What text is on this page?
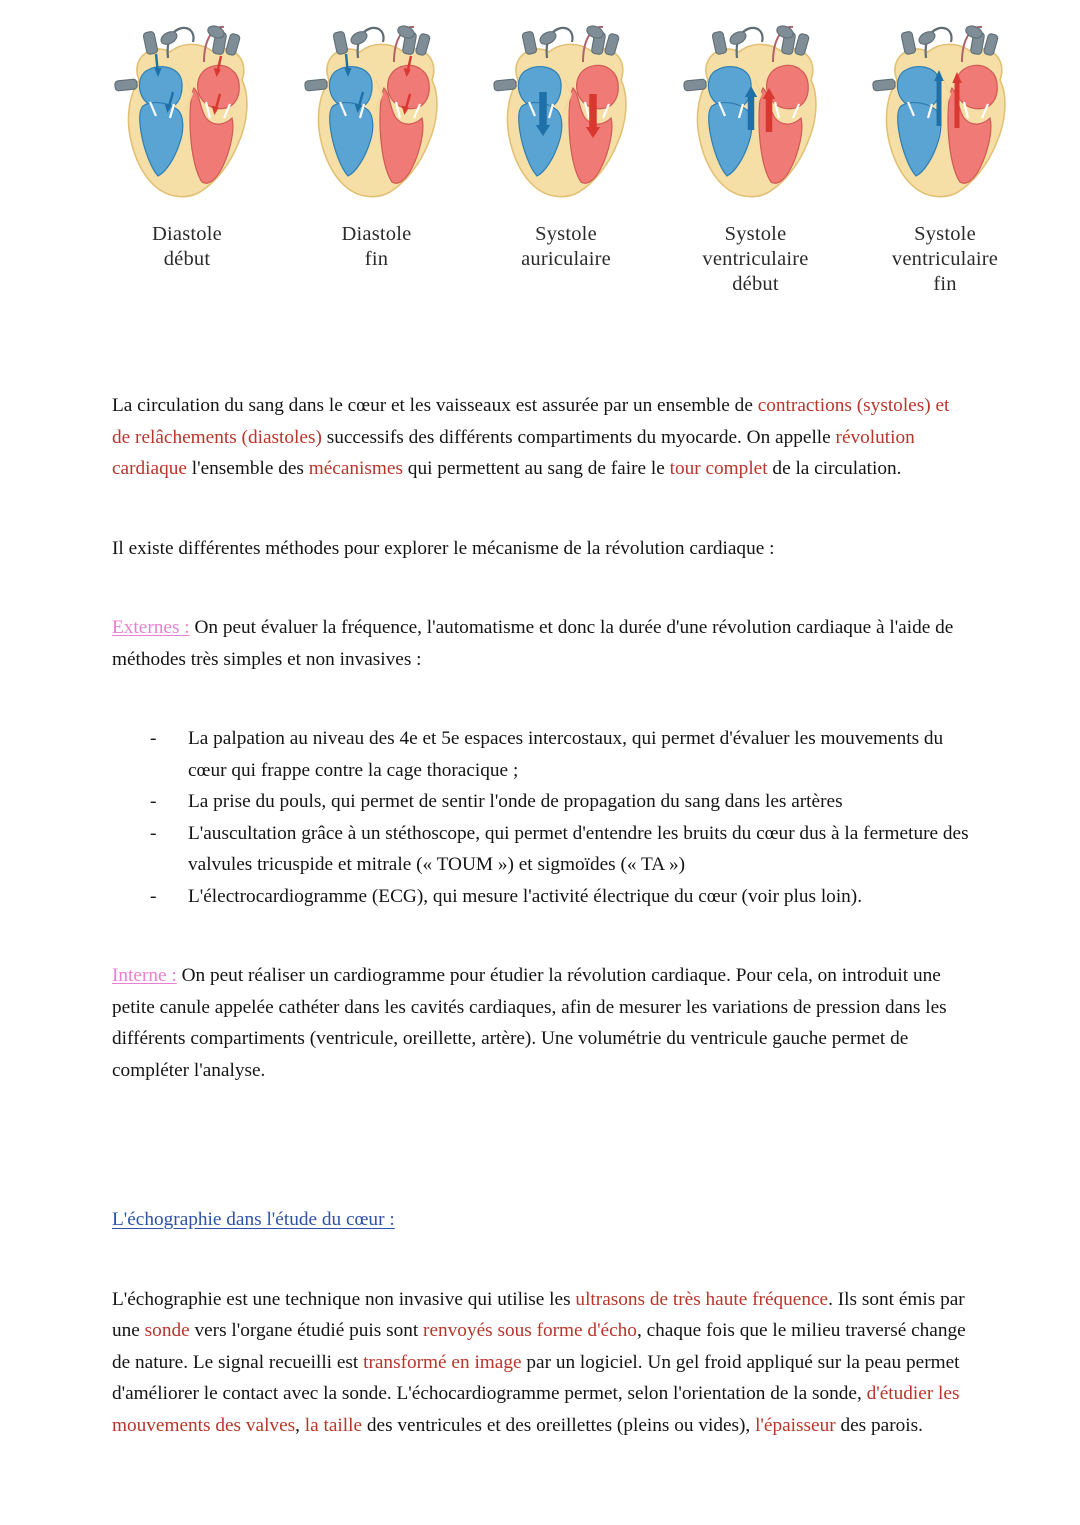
Diastole
début
Diastole
fin
Systole
auriculaire
Systole
ventriculaire
début
Systole
ventriculaire
fin

La circulation du sang dans le cœur et les vaisseaux est assurée par un ensemble de contractions (systoles) et de relâchements (diastoles) successifs des différents compartiments du myocarde. On appelle révolution cardiaque l'ensemble des mécanismes qui permettent au sang de faire le tour complet de la circulation.

Il existe différentes méthodes pour explorer le mécanisme de la révolution cardiaque :

Externes : On peut évaluer la fréquence, l'automatisme et donc la durée d'une révolution cardiaque à l'aide de méthodes très simples et non invasives :

-	La palpation au niveau des 4e et 5e espaces intercostaux, qui permet d'évaluer les mouvements du cœur qui frappe contre la cage thoracique ;
-	La prise du pouls, qui permet de sentir l'onde de propagation du sang dans les artères
-	L'auscultation grâce à un stéthoscope, qui permet d'entendre les bruits du cœur dus à la fermeture des valvules tricuspide et mitrale (« TOUM ») et sigmoïdes (« TA »)
-	L'électrocardiogramme (ECG), qui mesure l'activité électrique du cœur (voir plus loin).

Interne : On peut réaliser un cardiogramme pour étudier la révolution cardiaque. Pour cela, on introduit une petite canule appelée cathéter dans les cavités cardiaques, afin de mesurer les variations de pression dans les différents compartiments (ventricule, oreillette, artère). Une volumétrie du ventricule gauche permet de compléter l'analyse.

L'échographie dans l'étude du cœur :

L'échographie est une technique non invasive qui utilise les ultrasons de très haute fréquence. Ils sont émis par une sonde vers l'organe étudié puis sont renvoyés sous forme d'écho, chaque fois que le milieu traversé change de nature. Le signal recueilli est transformé en image par un logiciel. Un gel froid appliqué sur la peau permet d'améliorer le contact avec la sonde. L'échocardiogramme permet, selon l'orientation de la sonde, d'étudier les mouvements des valves, la taille des ventricules et des oreillettes (pleins ou vides), l'épaisseur des parois.
